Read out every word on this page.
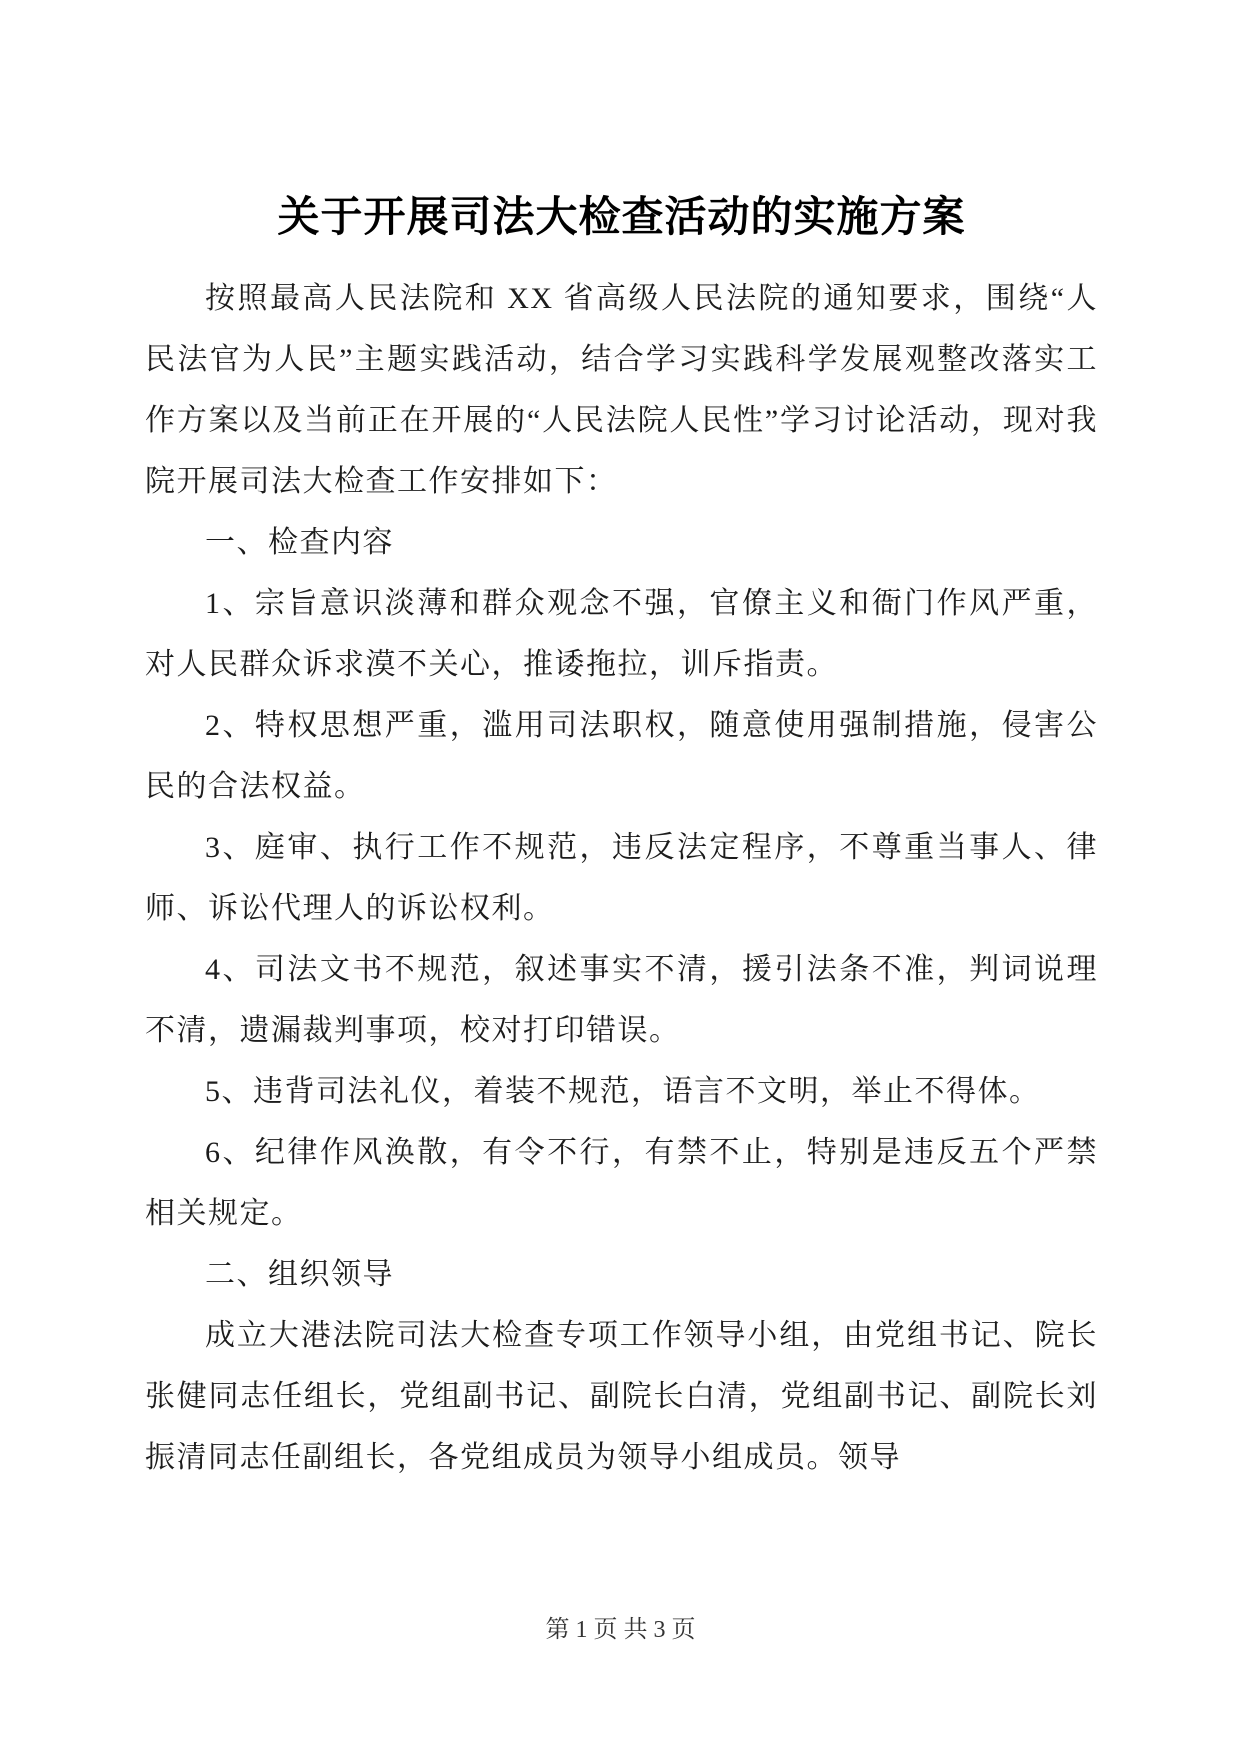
关于开展司法大检查活动的实施方案

按照最高人民法院和 XX 省高级人民法院的通知要求，围绕“人民法官为人民”主题实践活动，结合学习实践科学发展观整改落实工作方案以及当前正在开展的“人民法院人民性”学习讨论活动，现对我院开展司法大检查工作安排如下：

一、检查内容

1、宗旨意识淡薄和群众观念不强，官僚主义和衙门作风严重，对人民群众诉求漠不关心，推诿拖拉，训斥指责。

2、特权思想严重，滥用司法职权，随意使用强制措施，侵害公民的合法权益。

3、庭审、执行工作不规范，违反法定程序，不尊重当事人、律师、诉讼代理人的诉讼权利。

4、司法文书不规范，叙述事实不清，援引法条不准，判词说理不清，遗漏裁判事项，校对打印错误。

5、违背司法礼仪，着装不规范，语言不文明，举止不得体。

6、纪律作风涣散，有令不行，有禁不止，特别是违反五个严禁相关规定。

二、组织领导

成立大港法院司法大检查专项工作领导小组，由党组书记、院长张健同志任组长，党组副书记、副院长白清，党组副书记、副院长刘振清同志任副组长，各党组成员为领导小组成员。领导

第 1 页 共 3 页
